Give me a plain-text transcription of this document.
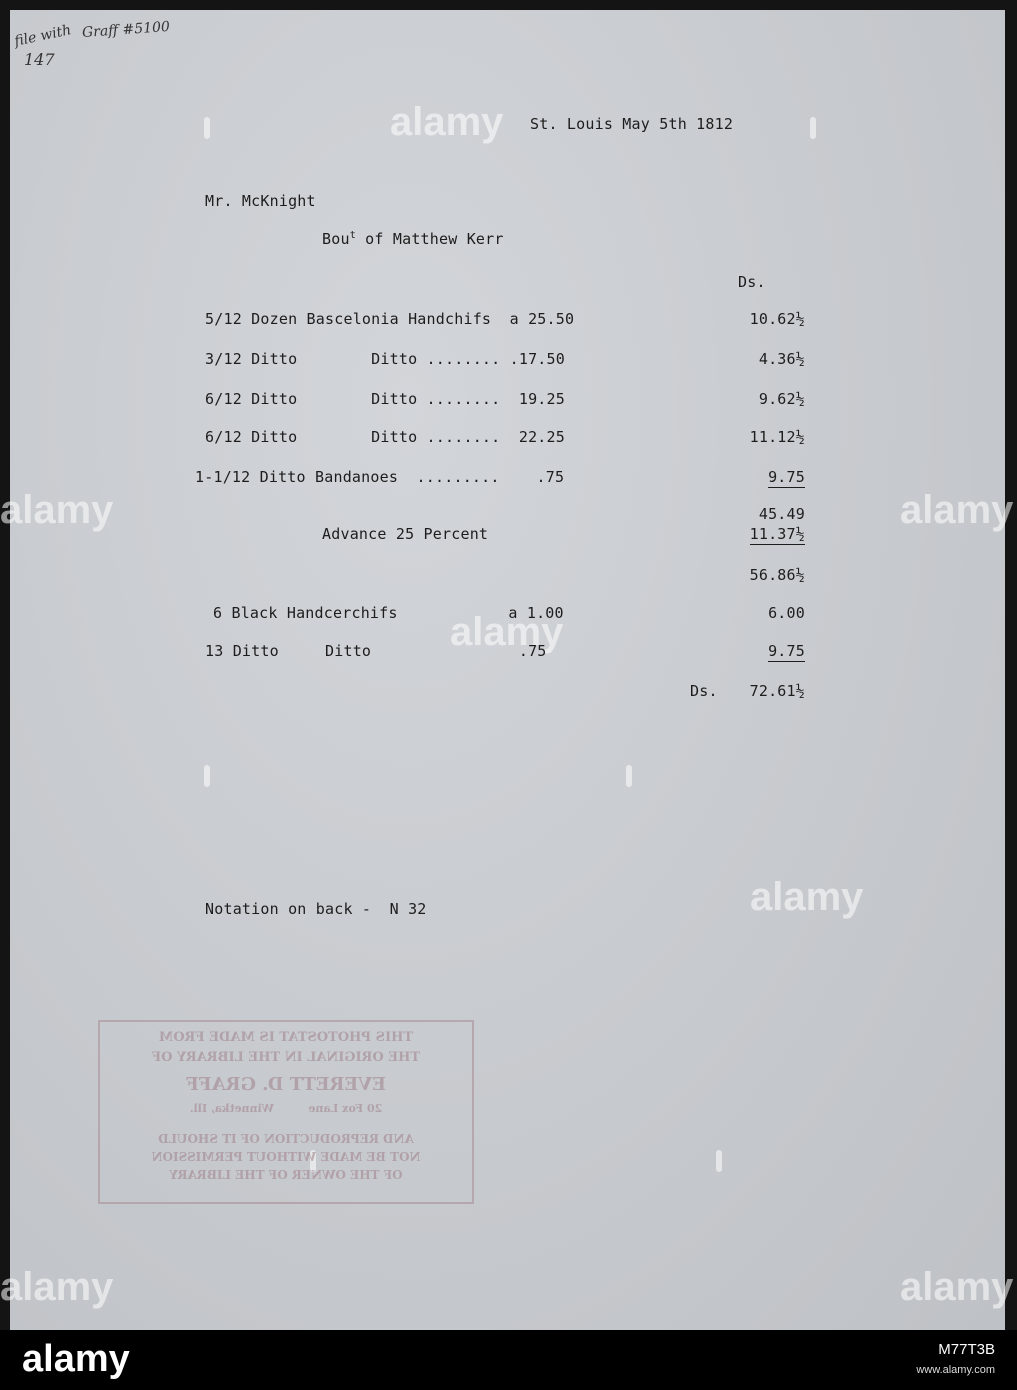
file with Graff #5100
147
alamy
alamy	alamy
alamy
alamy
alamy	alamy
St. Louis May 5th 1812
Mr. McKnight
Bou$^t$ of Matthew Kerr
Ds.
5/12 Dozen Bascelonia Handchifs  a 25.50	10.62½
3/12 Ditto        Ditto ........ .17.50	4.36½
6/12 Ditto        Ditto ........  19.25	9.62½
6/12 Ditto        Ditto ........  22.25	11.12½
1-1/12 Ditto Bandanoes  .........    .75	9.75
45.49
Advance 25 Percent	11.37½
56.86½
6 Black Handcerchifs            a 1.00	6.00
13 Ditto     Ditto                .75	9.75
Ds.	72.61½
Notation on back -  N 32
THIS PHOTOSTAT IS MADE FROM
THE ORIGINAL IN THE LIBRARY OF
EVERETT D. GRAFF
20 Fox Lane         Winnetka, Ill.
AND REPRODUCTION OF IT SHOULD
NOT BE MADE WITHOUT PERMISSION
OF THE OWNER OF THE LIBRARY
alamy	M77T3B
www.alamy.com
